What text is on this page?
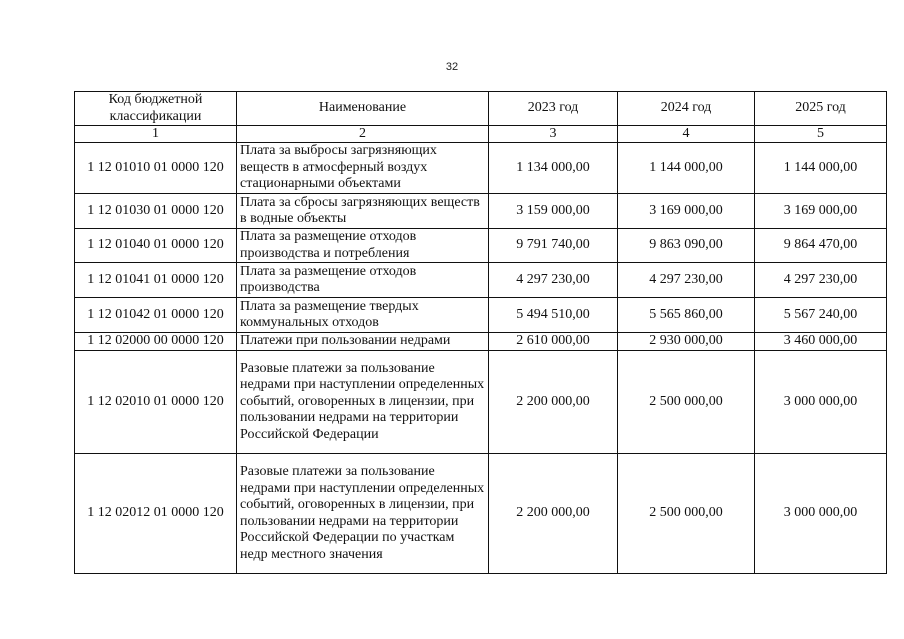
32
Код бюджетной классификации	Наименование	2023 год	2024 год	2025 год
1	2	3	4	5
1 12 01010 01 0000 120	Плата за выбросы загрязняющих веществ в атмосферный воздух стационарными объектами	1 134 000,00	1 144 000,00	1 144 000,00
1 12 01030 01 0000 120	Плата за сбросы загрязняющих веществ в водные объекты	3 159 000,00	3 169 000,00	3 169 000,00
1 12 01040 01 0000 120	Плата за размещение отходов производства и потребления	9 791 740,00	9 863 090,00	9 864 470,00
1 12 01041 01 0000 120	Плата за размещение отходов производства	4 297 230,00	4 297 230,00	4 297 230,00
1 12 01042 01 0000 120	Плата за размещение твердых коммунальных отходов	5 494 510,00	5 565 860,00	5 567 240,00
1 12 02000 00 0000 120	Платежи при пользовании недрами	2 610 000,00	2 930 000,00	3 460 000,00
1 12 02010 01 0000 120	Разовые платежи за пользование недрами при наступлении определенных событий, оговоренных в лицензии, при пользовании недрами на территории Российской Федерации	2 200 000,00	2 500 000,00	3 000 000,00
1 12 02012 01 0000 120	Разовые платежи за пользование недрами при наступлении определенных событий, оговоренных в лицензии, при пользовании недрами на территории Российской Федерации по участкам недр местного значения	2 200 000,00	2 500 000,00	3 000 000,00
